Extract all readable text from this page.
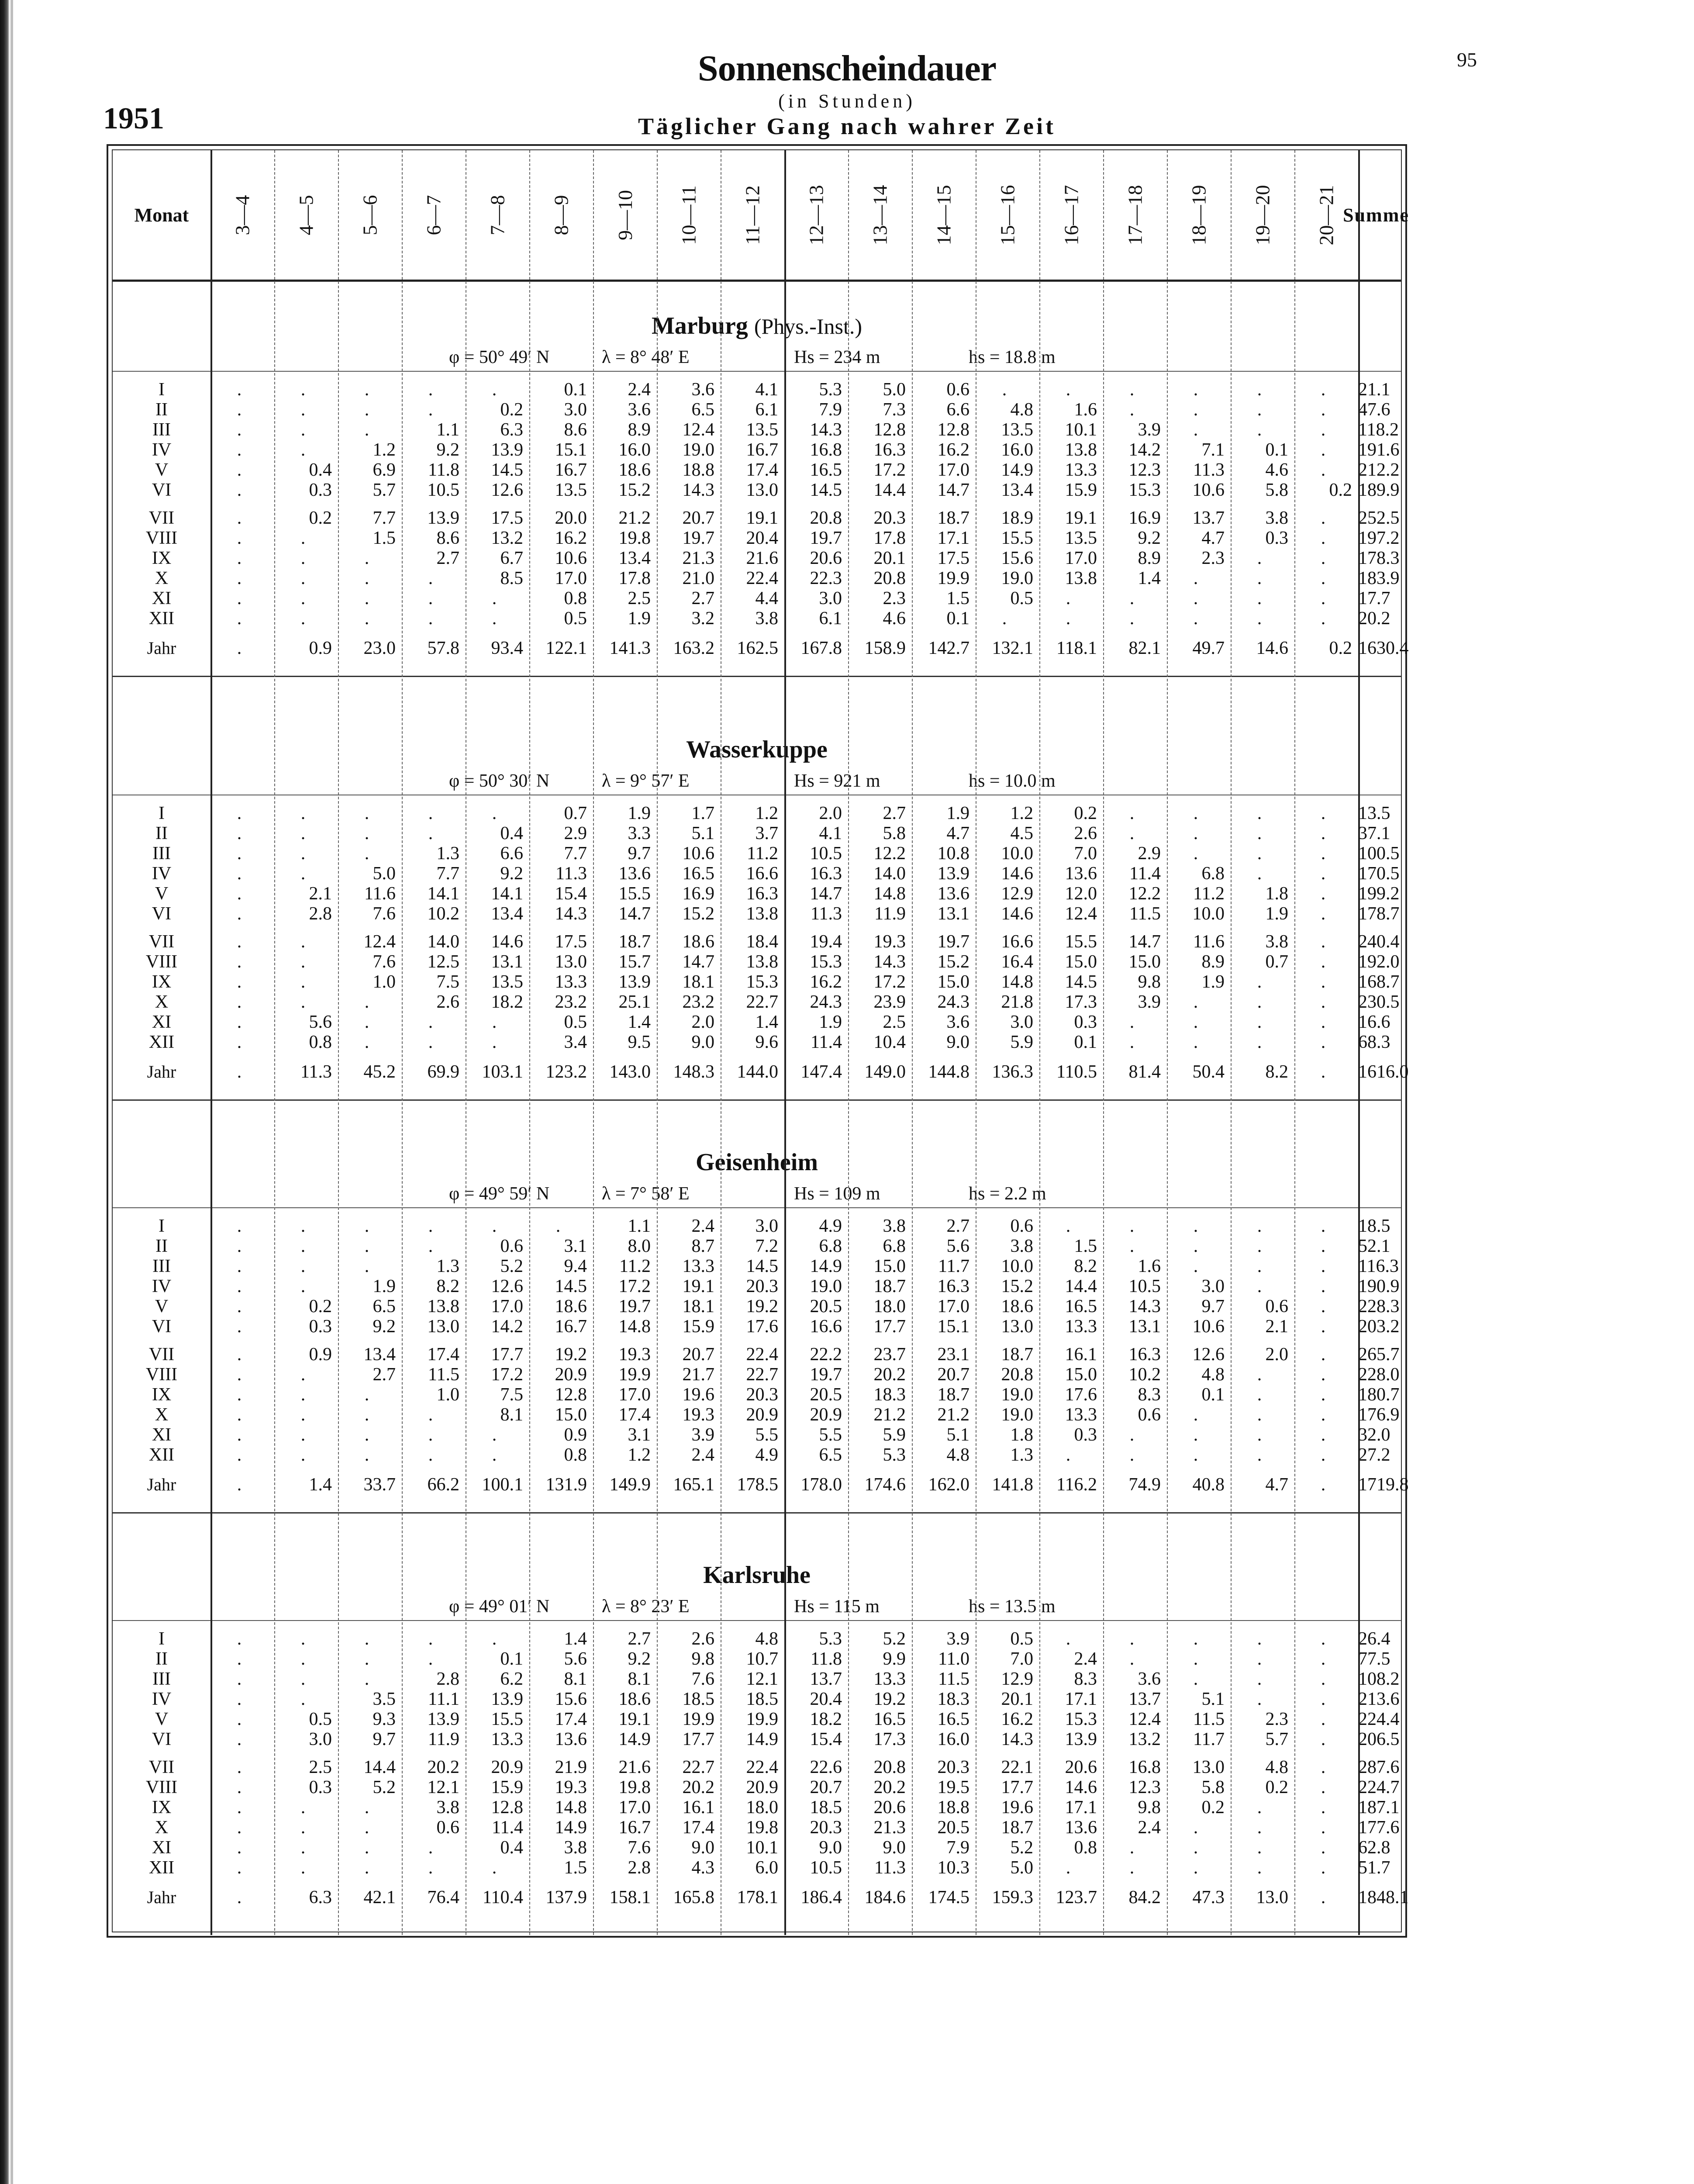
Sonnenscheindauer
(in Stunden)
Täglicher Gang nach wahrer Zeit
1951
95
Monat	3—4 4—5 5—6 6—7 7—8 8—9 9—10 10—11 11—12 12—13 13—14 14—15 15—16 16—17 17—18 18—19 19—20 20—21 Summe
Marburg (Phys.-Inst.)
φ = 50° 49′ N	λ = 8° 48′ E	Hs = 234 m	hs = 18.8 m
I	.	.	.	.	.	0.1	2.4	3.6	4.1	5.3	5.0	0.6	.	.	.	.	.	.	21.1
II	.	.	.	.	0.2	3.0	3.6	6.5	6.1	7.9	7.3	6.6	4.8	1.6	.	.	.	.	47.6
III	.	.	.	1.1	6.3	8.6	8.9	12.4	13.5	14.3	12.8	12.8	13.5	10.1	3.9	.	.	.	118.2
IV	.	.	1.2	9.2	13.9	15.1	16.0	19.0	16.7	16.8	16.3	16.2	16.0	13.8	14.2	7.1	0.1	.	191.6
V	.	0.4	6.9	11.8	14.5	16.7	18.6	18.8	17.4	16.5	17.2	17.0	14.9	13.3	12.3	11.3	4.6	.	212.2
VI	.	0.3	5.7	10.5	12.6	13.5	15.2	14.3	13.0	14.5	14.4	14.7	13.4	15.9	15.3	10.6	5.8	0.2 189.9
VII	.	0.2	7.7	13.9	17.5	20.0	21.2	20.7	19.1	20.8	20.3	18.7	18.9	19.1	16.9	13.7	3.8	.	252.5
VIII	.	.	1.5	8.6	13.2	16.2	19.8	19.7	20.4	19.7	17.8	17.1	15.5	13.5	9.2	4.7	0.3	.	197.2
IX	.	.	.	2.7	6.7	10.6	13.4	21.3	21.6	20.6	20.1	17.5	15.6	17.0	8.9	2.3	.	.	178.3
X	.	.	.	.	8.5	17.0	17.8	21.0	22.4	22.3	20.8	19.9	19.0	13.8	1.4	.	.	.	183.9
XI	.	.	.	.	.	0.8	2.5	2.7	4.4	3.0	2.3	1.5	0.5	.	.	.	.	.	17.7
XII	.	.	.	.	.	0.5	1.9	3.2	3.8	6.1	4.6	0.1	.	.	.	.	.	.	20.2
Jahr	.	0.9	23.0	57.8	93.4	122.1	141.3	163.2	162.5	167.8	158.9	142.7	132.1	118.1	82.1	49.7	14.6	0.2 1630.4
Wasserkuppe
φ = 50° 30′ N	λ = 9° 57′ E	Hs = 921 m	hs = 10.0 m
I	.	.	.	.	.	0.7	1.9	1.7	1.2	2.0	2.7	1.9	1.2	0.2	.	.	.	.	13.5
II	.	.	.	.	0.4	2.9	3.3	5.1	3.7	4.1	5.8	4.7	4.5	2.6	.	.	.	.	37.1
III	.	.	.	1.3	6.6	7.7	9.7	10.6	11.2	10.5	12.2	10.8	10.0	7.0	2.9	.	.	.	100.5
IV	.	.	5.0	7.7	9.2	11.3	13.6	16.5	16.6	16.3	14.0	13.9	14.6	13.6	11.4	6.8	.	.	170.5
V	.	2.1	11.6	14.1	14.1	15.4	15.5	16.9	16.3	14.7	14.8	13.6	12.9	12.0	12.2	11.2	1.8	.	199.2
VI	.	2.8	7.6	10.2	13.4	14.3	14.7	15.2	13.8	11.3	11.9	13.1	14.6	12.4	11.5	10.0	1.9	.	178.7
VII	.	.	12.4	14.0	14.6	17.5	18.7	18.6	18.4	19.4	19.3	19.7	16.6	15.5	14.7	11.6	3.8	.	240.4
VIII	.	.	7.6	12.5	13.1	13.0	15.7	14.7	13.8	15.3	14.3	15.2	16.4	15.0	15.0	8.9	0.7	.	192.0
IX	.	.	1.0	7.5	13.5	13.3	13.9	18.1	15.3	16.2	17.2	15.0	14.8	14.5	9.8	1.9	.	.	168.7
X	.	.	.	2.6	18.2	23.2	25.1	23.2	22.7	24.3	23.9	24.3	21.8	17.3	3.9	.	.	.	230.5
XI	.	5.6	.	.	.	0.5	1.4	2.0	1.4	1.9	2.5	3.6	3.0	0.3	.	.	.	.	16.6
XII	.	0.8	.	.	.	3.4	9.5	9.0	9.6	11.4	10.4	9.0	5.9	0.1	.	.	.	.	68.3
Jahr	.	11.3	45.2	69.9	103.1	123.2	143.0	148.3	144.0	147.4	149.0	144.8	136.3	110.5	81.4	50.4	8.2	.	1616.0
Geisenheim
φ = 49° 59′ N	λ = 7° 58′ E	Hs = 109 m	hs = 2.2 m
I	.	.	.	.	.	.	1.1	2.4	3.0	4.9	3.8	2.7	0.6	.	.	.	.	.	18.5
II	.	.	.	.	0.6	3.1	8.0	8.7	7.2	6.8	6.8	5.6	3.8	1.5	.	.	.	.	52.1
III	.	.	.	1.3	5.2	9.4	11.2	13.3	14.5	14.9	15.0	11.7	10.0	8.2	1.6	.	.	.	116.3
IV	.	.	1.9	8.2	12.6	14.5	17.2	19.1	20.3	19.0	18.7	16.3	15.2	14.4	10.5	3.0	.	.	190.9
V	.	0.2	6.5	13.8	17.0	18.6	19.7	18.1	19.2	20.5	18.0	17.0	18.6	16.5	14.3	9.7	0.6	.	228.3
VI	.	0.3	9.2	13.0	14.2	16.7	14.8	15.9	17.6	16.6	17.7	15.1	13.0	13.3	13.1	10.6	2.1	.	203.2
VII	.	0.9	13.4	17.4	17.7	19.2	19.3	20.7	22.4	22.2	23.7	23.1	18.7	16.1	16.3	12.6	2.0	.	265.7
VIII	.	.	2.7	11.5	17.2	20.9	19.9	21.7	22.7	19.7	20.2	20.7	20.8	15.0	10.2	4.8	.	.	228.0
IX	.	.	.	1.0	7.5	12.8	17.0	19.6	20.3	20.5	18.3	18.7	19.0	17.6	8.3	0.1	.	.	180.7
X	.	.	.	.	8.1	15.0	17.4	19.3	20.9	20.9	21.2	21.2	19.0	13.3	0.6	.	.	.	176.9
XI	.	.	.	.	.	0.9	3.1	3.9	5.5	5.5	5.9	5.1	1.8	0.3	.	.	.	.	32.0
XII	.	.	.	.	.	0.8	1.2	2.4	4.9	6.5	5.3	4.8	1.3	.	.	.	.	.	27.2
Jahr	.	1.4	33.7	66.2	100.1	131.9	149.9	165.1	178.5	178.0	174.6	162.0	141.8	116.2	74.9	40.8	4.7	.	1719.8
Karlsruhe
φ = 49° 01′ N	λ = 8° 23′ E	Hs = 115 m	hs = 13.5 m
I	.	.	.	.	.	1.4	2.7	2.6	4.8	5.3	5.2	3.9	0.5	.	.	.	.	.	26.4
II	.	.	.	.	0.1	5.6	9.2	9.8	10.7	11.8	9.9	11.0	7.0	2.4	.	.	.	.	77.5
III	.	.	.	2.8	6.2	8.1	8.1	7.6	12.1	13.7	13.3	11.5	12.9	8.3	3.6	.	.	.	108.2
IV	.	.	3.5	11.1	13.9	15.6	18.6	18.5	18.5	20.4	19.2	18.3	20.1	17.1	13.7	5.1	.	.	213.6
V	.	0.5	9.3	13.9	15.5	17.4	19.1	19.9	19.9	18.2	16.5	16.5	16.2	15.3	12.4	11.5	2.3	.	224.4
VI	.	3.0	9.7	11.9	13.3	13.6	14.9	17.7	14.9	15.4	17.3	16.0	14.3	13.9	13.2	11.7	5.7	.	206.5
VII	.	2.5	14.4	20.2	20.9	21.9	21.6	22.7	22.4	22.6	20.8	20.3	22.1	20.6	16.8	13.0	4.8	.	287.6
VIII	.	0.3	5.2	12.1	15.9	19.3	19.8	20.2	20.9	20.7	20.2	19.5	17.7	14.6	12.3	5.8	0.2	.	224.7
IX	.	.	.	3.8	12.8	14.8	17.0	16.1	18.0	18.5	20.6	18.8	19.6	17.1	9.8	0.2	.	.	187.1
X	.	.	.	0.6	11.4	14.9	16.7	17.4	19.8	20.3	21.3	20.5	18.7	13.6	2.4	.	.	.	177.6
XI	.	.	.	.	0.4	3.8	7.6	9.0	10.1	9.0	9.0	7.9	5.2	0.8	.	.	.	.	62.8
XII	.	.	.	.	.	1.5	2.8	4.3	6.0	10.5	11.3	10.3	5.0	.	.	.	.	.	51.7
Jahr	.	6.3	42.1	76.4	110.4	137.9	158.1	165.8	178.1	186.4	184.6	174.5	159.3	123.7	84.2	47.3	13.0	.	1848.1
